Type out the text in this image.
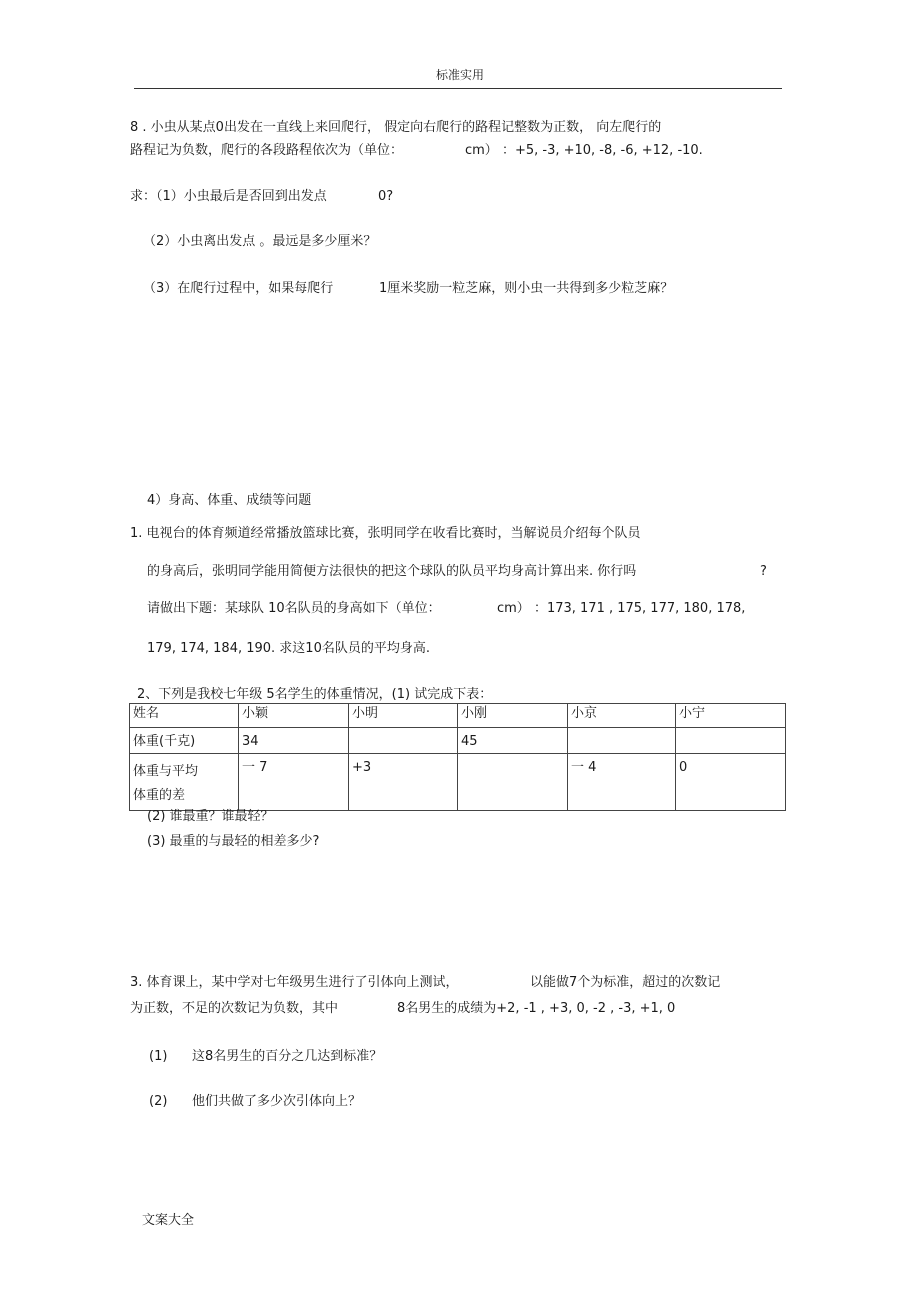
标准实用
8 . 小虫从某点0出发在一直线上来回爬行， 假定向右爬行的路程记整数为正数， 向左爬行的
路程记为负数，爬行的各段路程依次为（单位：	cm） ：+5, -3, +10, -8, -6, +12, -10.
求：（1）小虫最后是否回到出发点	0?
（2）小虫离出发点 。最远是多少厘米？
（3）在爬行过程中，如果每爬行	1厘米奖励一粒芝麻，则小虫一共得到多少粒芝麻？
4）身高、体重、成绩等问题
1. 电视台的体育频道经常播放篮球比赛，张明同学在收看比赛时，当解说员介绍每个队员
的身高后，张明同学能用简便方法很快的把这个球队的队员平均身高计算出来. 你行吗	?
请做出下题：某球队 10名队员的身高如下（单位：	cm） ：173, 171 , 175, 177, 180, 178,
179, 174, 184, 190. 求这10名队员的平均身高.
2、下列是我校七年级 5名学生的体重情况，(1) 试完成下表：
姓名	小颖	小明	小刚	小京	小宁
体重(千克)	34		45		

体重与平均
体重的差	一 7	+3		一 4	0
(2) 谁最重？谁最轻？
(3) 最重的与最轻的相差多少?
3. 体育课上，某中学对七年级男生进行了引体向上测试，	以能做7个为标准，超过的次数记
为正数，不足的次数记为负数，其中	8名男生的成绩为+2, -1 , +3, 0, -2 , -3, +1, 0
(1) 这8名男生的百分之几达到标准？
(2) 他们共做了多少次引体向上？
文案大全
